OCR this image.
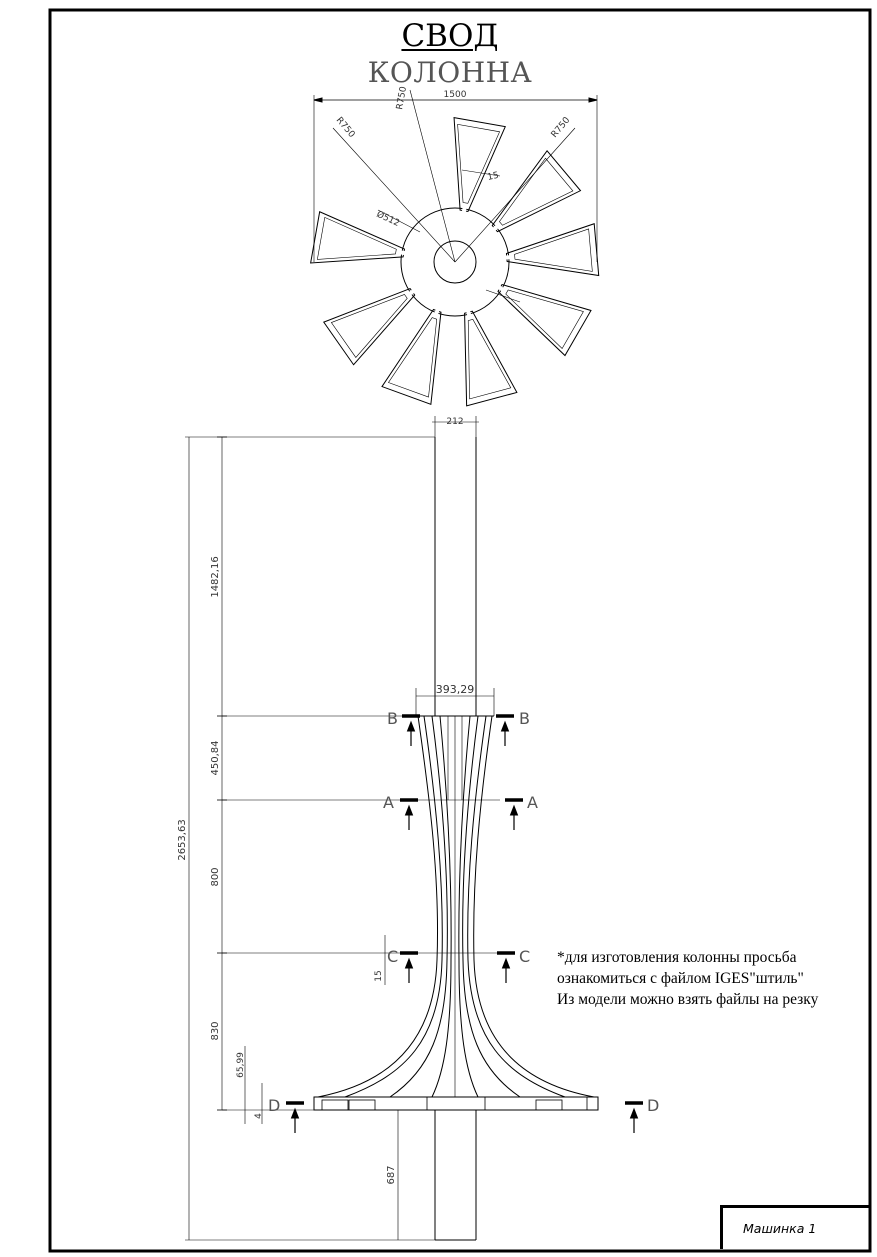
1500
R750
R750	R750
15
Ø512
212
393,29
2653,63
1482,16
450,84
800
830
15
65,99
4
687
B	B
A	A
C	C
D	D
СВОД
КОЛОННА
*для изготовления колонны просьба
ознакомиться с файлом IGES"штиль"
Из модели можно взять файлы на резку
Машинка 1
